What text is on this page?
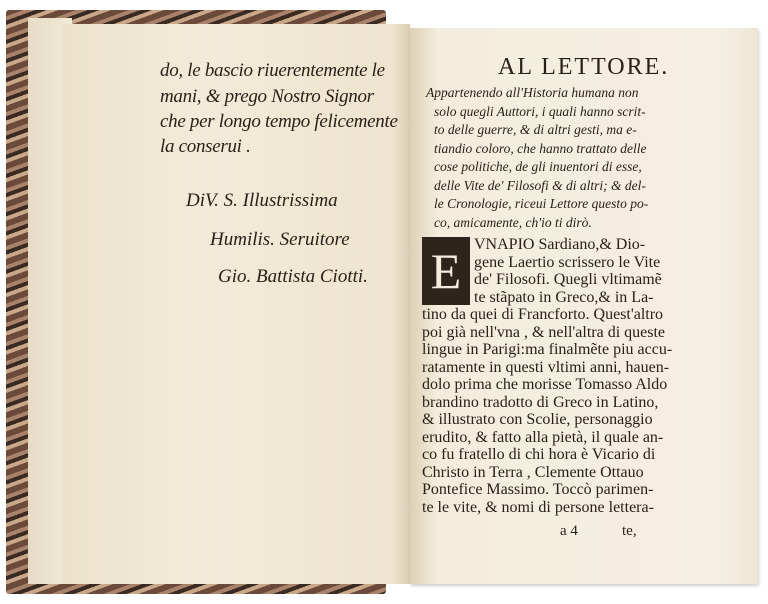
do, le bascio riuerentemente le
mani, & prego Nostro Signor
che per longo tempo felicemente
la conserui .
DiV. S. Illustrissima
Humilis. Seruitore
Gio. Battista Ciotti.
AL LETTORE.
Appartenendo all'Historia humana non
solo quegli Auttori, i quali hanno scrit-
to delle guerre, & di altri gesti, ma e-
tiandio coloro, che hanno trattato delle
cose politiche, de gli inuentori di esse,
delle Vite de' Filosofi & di altri; & del-
le Cronologie, riceui Lettore questo po-
co, amicamente, ch'io ti dirò.
E VNAPIO Sardiano,& Dio-
gene Laertio scrissero le Vite
de' Filosofi. Quegli vltimamẽ
te stãpato in Greco,& in La-
tino da quei di Francforto. Quest'altro
poi già nell'vna , & nell'altra di queste
lingue in Parigi:ma finalmẽte piu accu-
ratamente in questi vltimi anni, hauen-
dolo prima che morisse Tomasso Aldo
brandino tradotto di Greco in Latino,
& illustrato con Scolie, personaggio
erudito, & fatto alla pietà, il quale an-
co fu fratello di chi hora è Vicario di
Christo in Terra , Clemente Ottauo
Pontefice Massimo. Toccò parimen-
te le vite, & nomi di persone lettera-
a 4	te,
